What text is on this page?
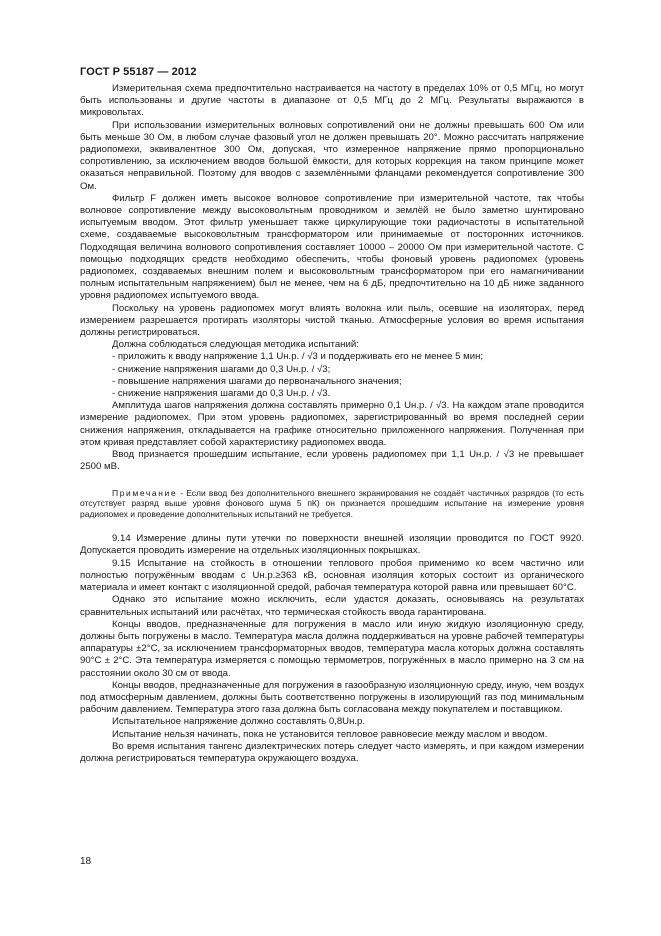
ГОСТ Р 55187 — 2012

Измерительная схема предпочтительно настраивается на частоту в пределах 10% от 0,5 МГц, но могут быть использованы и другие частоты в диапазоне от 0,5 МГц до 2 МГц. Результаты выражаются в микровольтах.

При использовании измерительных волновых сопротивлений они не должны превышать 600 Ом или быть меньше 30 Ом, в любом случае фазовый угол не должен превышать 20°. Можно рассчитать напряжение радиопомехи, эквивалентное 300 Ом, допуская, что измеренное напряжение прямо пропорционально сопротивлению, за исключением вводов большой ёмкости, для которых коррекция на таком принципе может оказаться неправильной. Поэтому для вводов с заземлёнными фланцами рекомендуется сопротивление 300 Ом.

Фильтр F должен иметь высокое волновое сопротивление при измерительной частоте, так чтобы волновое сопротивление между высоковольтным проводником и землёй не было заметно шунтировано испытуемым вводом. Этот фильтр уменьшает также циркулирующие токи радиочастоты в испытательной схеме, создаваемые высоковольтным трансформатором или принимаемые от посторонних источников. Подходящая величина волнового сопротивления составляет 10000 – 20000 Ом при измерительной частоте. С помощью подходящих средств необходимо обеспечить, чтобы фоновый уровень радиопомех (уровень радиопомех, создаваемых внешним полем и высоковольтным трансформатором при его намагничивании полным испытательным напряжением) был не менее, чем на 6 дБ, предпочтительно на 10 дБ ниже заданного уровня радиопомех испытуемого ввода.

Поскольку на уровень радиопомех могут влиять волокна или пыль, осевшие на изоляторах, перед измерением разрешается протирать изоляторы чистой тканью. Атмосферные условия во время испытания должны регистрироваться.

Должна соблюдаться следующая методика испытаний:

- приложить к вводу напряжение 1,1 Uн.р. / √3 и поддерживать его не менее 5 мин;

- снижение напряжения шагами до 0,3 Uн.р. / √3;

- повышение напряжения шагами до первоначального значения;

- снижение напряжения шагами до 0,3 Uн.р. / √3.

Амплитуда шагов напряжения должна составлять примерно 0,1 Uн.р. / √3. На каждом этапе проводится измерение радиопомех. При этом уровень радиопомех, зарегистрированный во время последней серии снижения напряжения, откладывается на графике относительно приложенного напряжения. Полученная при этом кривая представляет собой характеристику радиопомех ввода.

Ввод признается прошедшим испытание, если уровень радиопомех при 1,1 Uн.р. / √3 не превышает 2500 мВ.

Примечание - Если ввод без дополнительного внешнего экранирования не создаёт частичных разрядов (то есть отсутствует разряд выше уровня фонового шума 5 пК) он признается прошедшим испытание на измерение уровня радиопомех и проведение дополнительных испытаний не требуется.

9.14 Измерение длины пути утечки по поверхности внешней изоляции проводится по ГОСТ 9920. Допускается проводить измерение на отдельных изоляционных покрышках.

9.15 Испытание на стойкость в отношении теплового пробоя применимо ко всем частично или полностью погружённым вводам с Uн.р.≥363 кВ, основная изоляция которых состоит из органического материала и имеет контакт с изоляционной средой, рабочая температура которой равна или превышает 60°С.

Однако это испытание можно исключить, если удастся доказать, основываясь на результатах сравнительных испытаний или расчётах, что термическая стойкость ввода гарантирована.

Концы вводов, предназначенные для погружения в масло или иную жидкую изоляционную среду, должны быть погружены в масло. Температура масла должна поддерживаться на уровне рабочей температуры аппаратуры ±2°С, за исключением трансформаторных вводов, температура масла которых должна составлять 90°С ± 2°С. Эта температура измеряется с помощью термометров, погружённых в масло примерно на 3 см на расстоянии около 30 см от ввода.

Концы вводов, предназначенные для погружения в газообразную изоляционную среду, иную, чем воздух под атмосферным давлением, должны быть соответственно погружены в изолирующий газ под минимальным рабочим давлением. Температура этого газа должна быть согласована между покупателем и поставщиком.

Испытательное напряжение должно составлять 0,8Uн.р.

Испытание нельзя начинать, пока не установится тепловое равновесие между маслом и вводом.

Во время испытания тангенс диэлектрических потерь следует часто измерять, и при каждом измерении должна регистрироваться температура окружающего воздуха.

18
